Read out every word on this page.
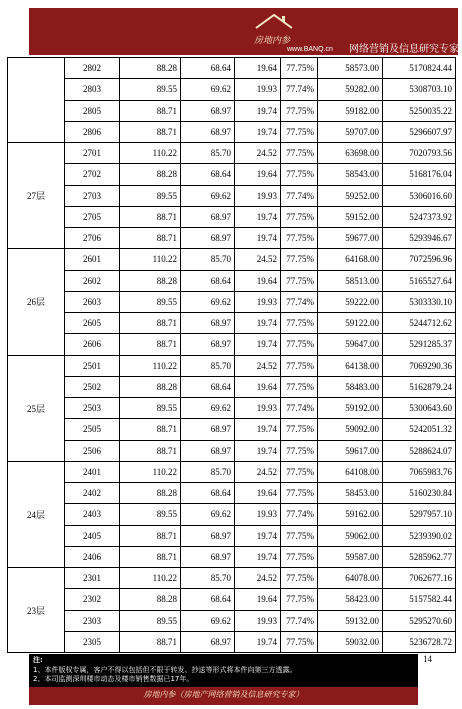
房地内参
www.BANQ.cn 网络营销及信息研究专家
	2802	88.28	68.64	19.64	77.75%	58573.00	5170824.44
	2803	89.55	69.62	19.93	77.74%	59282.00	5308703.10
	2805	88.71	68.97	19.74	77.75%	59182.00	5250035.22
	2806	88.71	68.97	19.74	77.75%	59707.00	5296607.97
27层	2701	110.22	85.70	24.52	77.75%	63698.00	7020793.56
	2702	88.28	68.64	19.64	77.75%	58543.00	5168176.04
	2703	89.55	69.62	19.93	77.74%	59252.00	5306016.60
	2705	88.71	68.97	19.74	77.75%	59152.00	5247373.92
	2706	88.71	68.97	19.74	77.75%	59677.00	5293946.67
26层	2601	110.22	85.70	24.52	77.75%	64168.00	7072596.96
	2602	88.28	68.64	19.64	77.75%	58513.00	5165527.64
	2603	89.55	69.62	19.93	77.74%	59222.00	5303330.10
	2605	88.71	68.97	19.74	77.75%	59122.00	5244712.62
	2606	88.71	68.97	19.74	77.75%	59647.00	5291285.37
25层	2501	110.22	85.70	24.52	77.75%	64138.00	7069290.36
	2502	88.28	68.64	19.64	77.75%	58483.00	5162879.24
	2503	89.55	69.62	19.93	77.74%	59192.00	5300643.60
	2505	88.71	68.97	19.74	77.75%	59092.00	5242051.32
	2506	88.71	68.97	19.74	77.75%	59617.00	5288624.07
24层	2401	110.22	85.70	24.52	77.75%	64108.00	7065983.76
	2402	88.28	68.64	19.64	77.75%	58453.00	5160230.84
	2403	89.55	69.62	19.93	77.74%	59162.00	5297957.10
	2405	88.71	68.97	19.74	77.75%	59062.00	5239390.02
	2406	88.71	68.97	19.74	77.75%	59587.00	5285962.77
23层	2301	110.22	85.70	24.52	77.75%	64078.00	7062677.16
	2302	88.28	68.64	19.64	77.75%	58423.00	5157582.44
	2303	89.55	69.62	19.93	77.74%	59132.00	5295270.60
	2305	88.71	68.97	19.74	77.75%	59032.00	5236728.72
14
注:
1、本件版权专属，客户不得以包括但不限于转发、抄送等形式将本件向第三方透露。
2、本司监测深圳楼市动态及楼市销售数据已17年。
房地内参（房地产网络营销及信息研究专家）
